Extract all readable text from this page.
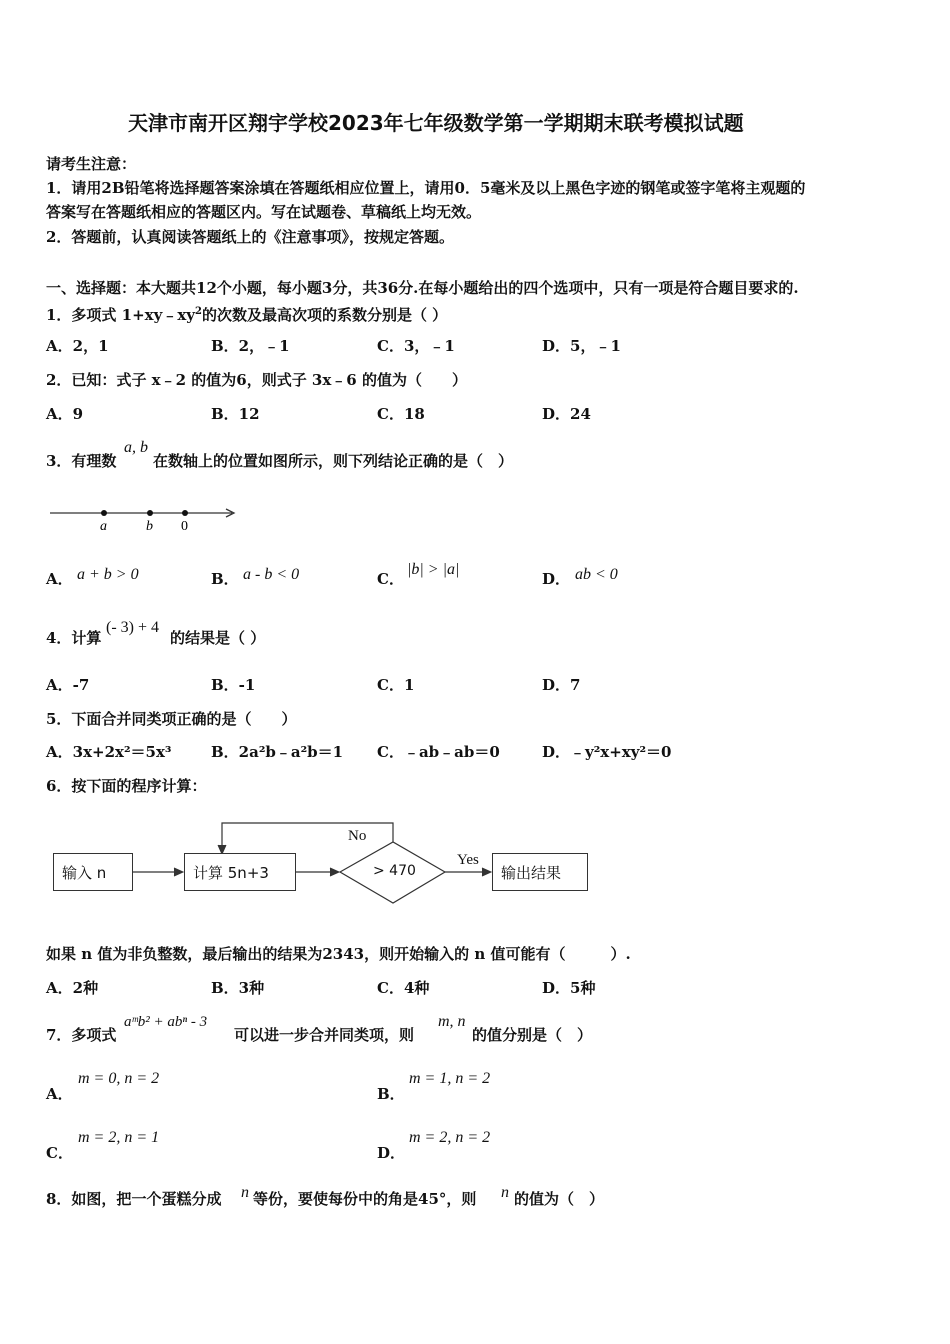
天津市南开区翔宇学校2023年七年级数学第一学期期末联考模拟试题
请考生注意：
1．请用2B铅笔将选择题答案涂填在答题纸相应位置上，请用0．5毫米及以上黑色字迹的钢笔或签字笔将主观题的
答案写在答题纸相应的答题区内。写在试题卷、草稿纸上均无效。
2．答题前，认真阅读答题纸上的《注意事项》，按规定答题。
一、选择题：本大题共12个小题，每小题3分，共36分.在每小题给出的四个选项中，只有一项是符合题目要求的.
1．多项式 $1+xy﹣xy^2$的次数及最高次项的系数分别是（ ）
A．2，1	B．2，﹣1	C．3，﹣1	D．5，﹣1
2．已知：式子 x﹣2 的值为6，则式子 3x﹣6 的值为（　　）
A．9	B．12	C．18	D．24
3．有理数
a, b
在数轴上的位置如图所示，则下列结论正确的是（　）
a	b 0
A． a + b > 0	B． a - b < 0	C．
|b| > |a|
D． ab < 0
4．计算
(- 3) + 4
的结果是（ ）
A．-7	B．-1	C．1	D．7
5．下面合并同类项正确的是（　　）
A．3x+2x²＝5x³	B．2a²b﹣a²b＝1 C．﹣ab﹣ab＝0	D．﹣y²x+xy²＝0
6．按下面的程序计算：
输入 n	计算 5n+3	> 470	输出结果
No
Yes
如果 n 值为非负整数，最后输出的结果为2343，则开始输入的 n 值可能有（　　　）.
A．2种	B．3种	C．4种	D．5种
7．多项式
aᵐb² + abⁿ - 3
可以进一步合并同类项，则
m, n
的值分别是（　）
A．
m = 0, n = 2
B．
m = 1, n = 2
C．
m = 2, n = 1
D．
m = 2, n = 2
8．如图，把一个蛋糕分成 n 等份，要使每份中的角是45°，则 n 的值为（　）
